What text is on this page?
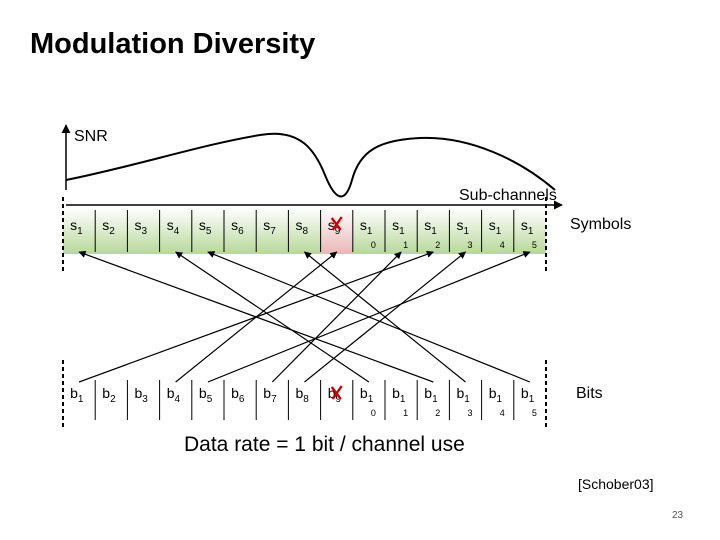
$s_1$ $s_2$ $s_3$ $s_4$ $s_5$ $s_6$ $s_7$ $s_8$ $s_9$ $s_1$
0
$s_1$
1
$s_1$
2
$s_1$
3
$s_1$
4
$s_1$
5
$b_1$ $b_2$ $b_3$ $b_4$ $b_5$ $b_6$ $b_7$ $b_8$ $b_9$ $b_1$
0
$b_1$
1
$b_1$
2
$b_1$
3
$b_1$
4
$b_1$
5
Modulation Diversity
SNR
Sub-channels
Symbols
Bits
Data rate = 1 bit / channel use
[Schober03]
23
